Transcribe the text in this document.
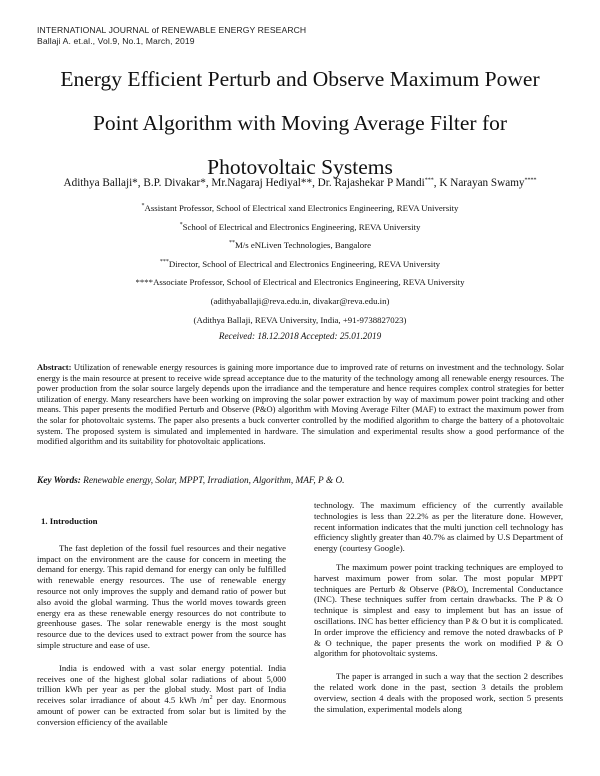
INTERNATIONAL JOURNAL of RENEWABLE ENERGY RESEARCH
Ballaji A. et.al., Vol.9, No.1, March, 2019
Energy Efficient Perturb and Observe Maximum Power
Point Algorithm with Moving Average Filter for
Photovoltaic Systems
Adithya Ballaji*, B.P. Divakar*, Mr.Nagaraj Hediyal**, Dr. Rajashekar P Mandi***, K Narayan Swamy****
*Assistant Professor, School of Electrical xand Electronics Engineering, REVA University
*School of Electrical and Electronics Engineering, REVA University
**M/s eNLiven Technologies, Bangalore
***Director, School of Electrical and Electronics Engineering, REVA University
****Associate Professor, School of Electrical and Electronics Engineering, REVA University
(adithyaballaji@reva.edu.in, divakar@reva.edu.in)
(Adithya Ballaji, REVA University, India, +91-9738827023)
Received: 18.12.2018 Accepted: 25.01.2019
Abstract: Utilization of renewable energy resources is gaining more importance due to improved rate of returns on investment and the technology. Solar energy is the main resource at present to receive wide spread acceptance due to the maturity of the technology among all renewable energy resources. The power production from the solar source largely depends upon the irradiance and the temperature and hence requires complex control strategies for better utilization of energy. Many researchers have been working on improving the solar power extraction by way of maximum power point tracking and other means. This paper presents the modified Perturb and Observe (P&O) algorithm with Moving Average Filter (MAF) to extract the maximum power from the solar for photovoltaic systems. The paper also presents a buck converter controlled by the modified algorithm to charge the battery of a photovoltaic system. The proposed system is simulated and implemented in hardware. The simulation and experimental results show a good performance of the modified algorithm and its suitability for photovoltaic applications.
Key Words: Renewable energy, Solar, MPPT, Irradiation, Algorithm, MAF, P & O.

1. Introduction

The fast depletion of the fossil fuel resources and their negative impact on the environment are the cause for concern in meeting the demand for energy. This rapid demand for energy can only be fulfilled with renewable energy resources. The use of renewable energy resource not only improves the supply and demand ratio of power but also avoid the global warming. Thus the world moves towards green energy era as these renewable energy resources do not contribute to greenhouse gases. The solar renewable energy is the most sought resource due to the devices used to extract power from the source has simple structure and ease of use.

India is endowed with a vast solar energy potential. India receives one of the highest global solar radiations of about 5,000 trillion kWh per year as per the global study. Most part of India receives solar irradiance of about 4.5 kWh $/m^2$ per day. Enormous amount of power can be extracted from solar but is limited by the conversion efficiency of the available

technology. The maximum efficiency of the currently available technologies is less than 22.2% as per the literature done. However, recent information indicates that the multi junction cell technology has efficiency slightly greater than 40.7% as claimed by U.S Department of energy (courtesy Google).

The maximum power point tracking techniques are employed to harvest maximum power from solar. The most popular MPPT techniques are Perturb & Observe (P&O), Incremental Conductance (INC). These techniques suffer from certain drawbacks. The P & O technique is simplest and easy to implement but has an issue of oscillations. INC has better efficiency than P & O but it is complicated. In order improve the efficiency and remove the noted drawbacks of P & O technique, the paper presents the work on modified P & O algorithm for photovoltaic systems.

The paper is arranged in such a way that the section 2 describes the related work done in the past, section 3 details the problem overview, section 4 deals with the proposed work, section 5 presents the simulation, experimental models along
